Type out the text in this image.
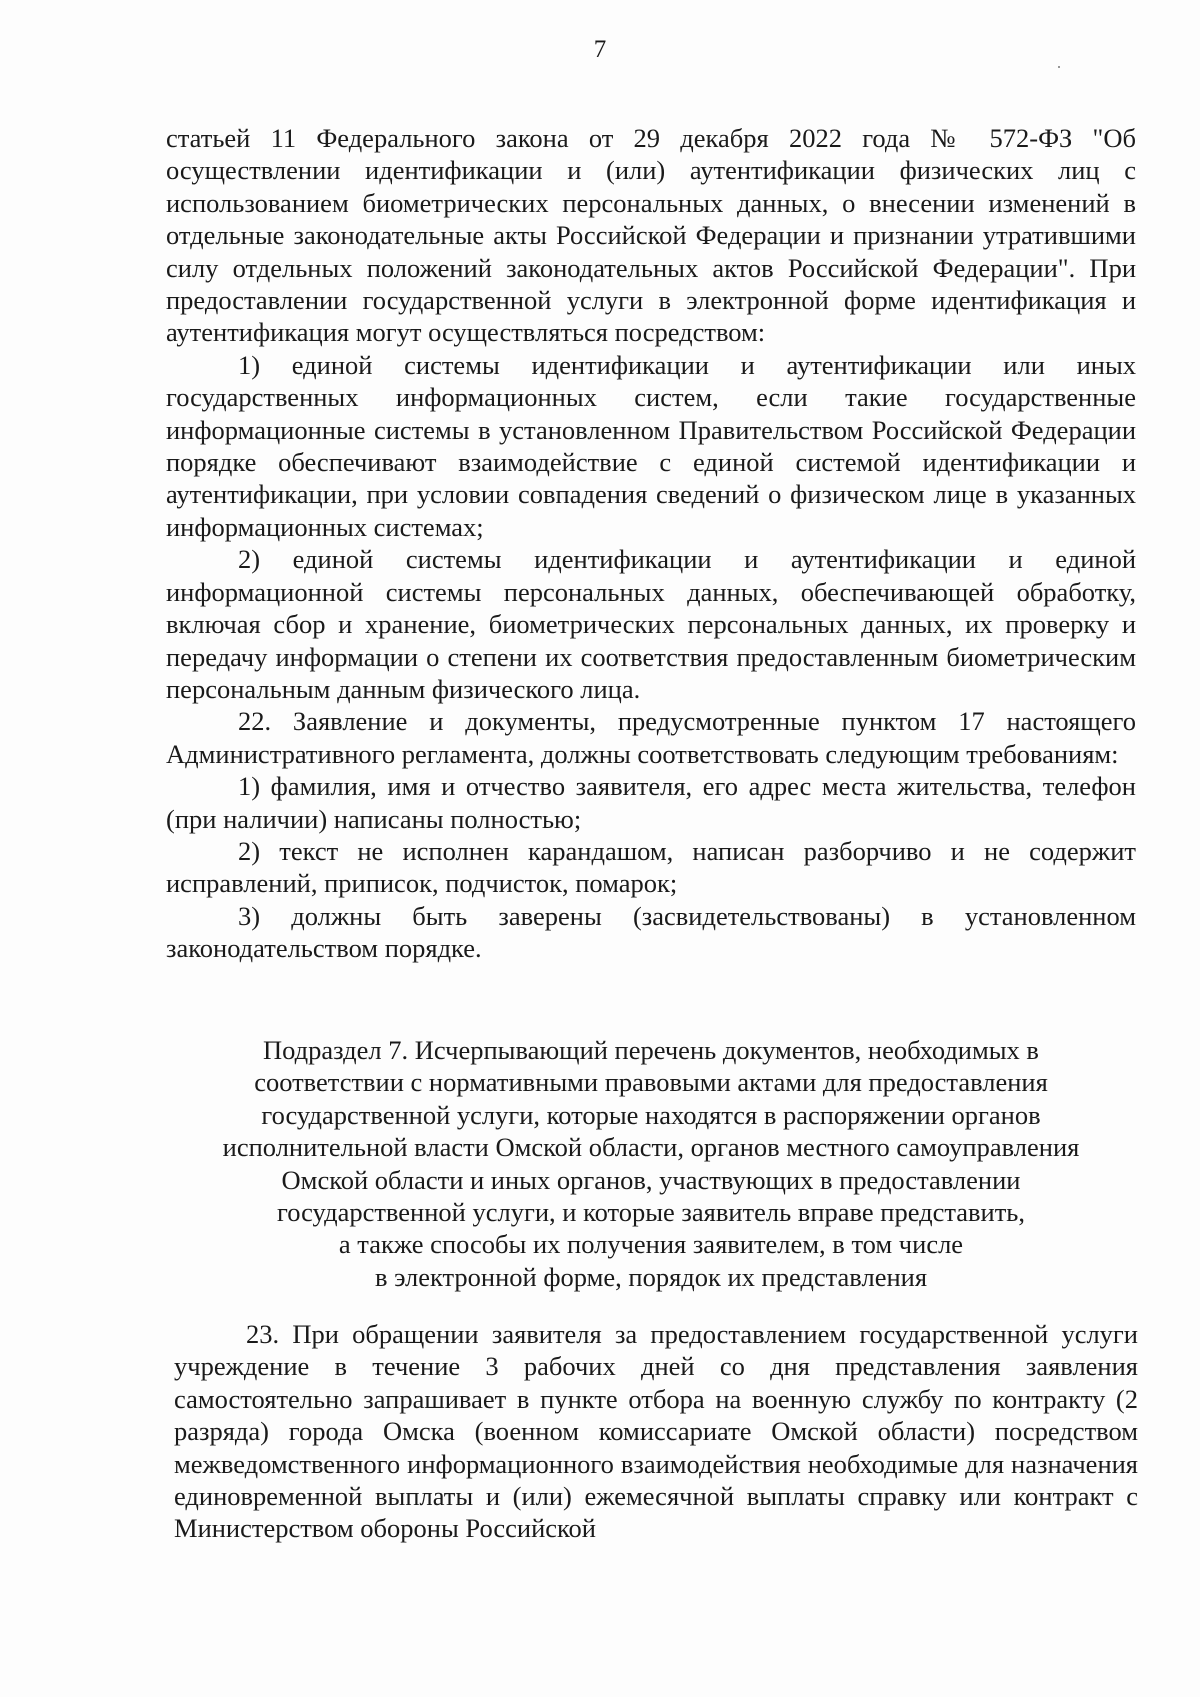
7

статьей 11 Федерального закона от 29 декабря 2022 года № 572-ФЗ "Об осуществлении идентификации и (или) аутентификации физических лиц с использованием биометрических персональных данных, о внесении изменений в отдельные законодательные акты Российской Федерации и признании утратившими силу отдельных положений законодательных актов Российской Федерации". При предоставлении государственной услуги в электронной форме идентификация и аутентификация могут осуществляться посредством:

1) единой системы идентификации и аутентификации или иных государственных информационных систем, если такие государственные информационные системы в установленном Правительством Российской Федерации порядке обеспечивают взаимодействие с единой системой идентификации и аутентификации, при условии совпадения сведений о физическом лице в указанных информационных системах;

2) единой системы идентификации и аутентификации и единой информационной системы персональных данных, обеспечивающей обработку, включая сбор и хранение, биометрических персональных данных, их проверку и передачу информации о степени их соответствия предоставленным биометрическим персональным данным физического лица.

22. Заявление и документы, предусмотренные пунктом 17 настоящего Административного регламента, должны соответствовать следующим требованиям:

1) фамилия, имя и отчество заявителя, его адрес места жительства, телефон (при наличии) написаны полностью;

2) текст не исполнен карандашом, написан разборчиво и не содержит исправлений, приписок, подчисток, помарок;

3) должны быть заверены (засвидетельствованы) в установленном законодательством порядке.

Подраздел 7. Исчерпывающий перечень документов, необходимых в
соответствии с нормативными правовыми актами для предоставления
государственной услуги, которые находятся в распоряжении органов
исполнительной власти Омской области, органов местного самоуправления
Омской области и иных органов, участвующих в предоставлении
государственной услуги, и которые заявитель вправе представить,
а также способы их получения заявителем, в том числе
в электронной форме, порядок их представления

23. При обращении заявителя за предоставлением государственной услуги учреждение в течение 3 рабочих дней со дня представления заявления самостоятельно запрашивает в пункте отбора на военную службу по контракту (2 разряда) города Омска (военном комиссариате Омской области) посредством межведомственного информационного взаимодействия необходимые для назначения единовременной выплаты и (или) ежемесячной выплаты справку или контракт с Министерством обороны Российской
